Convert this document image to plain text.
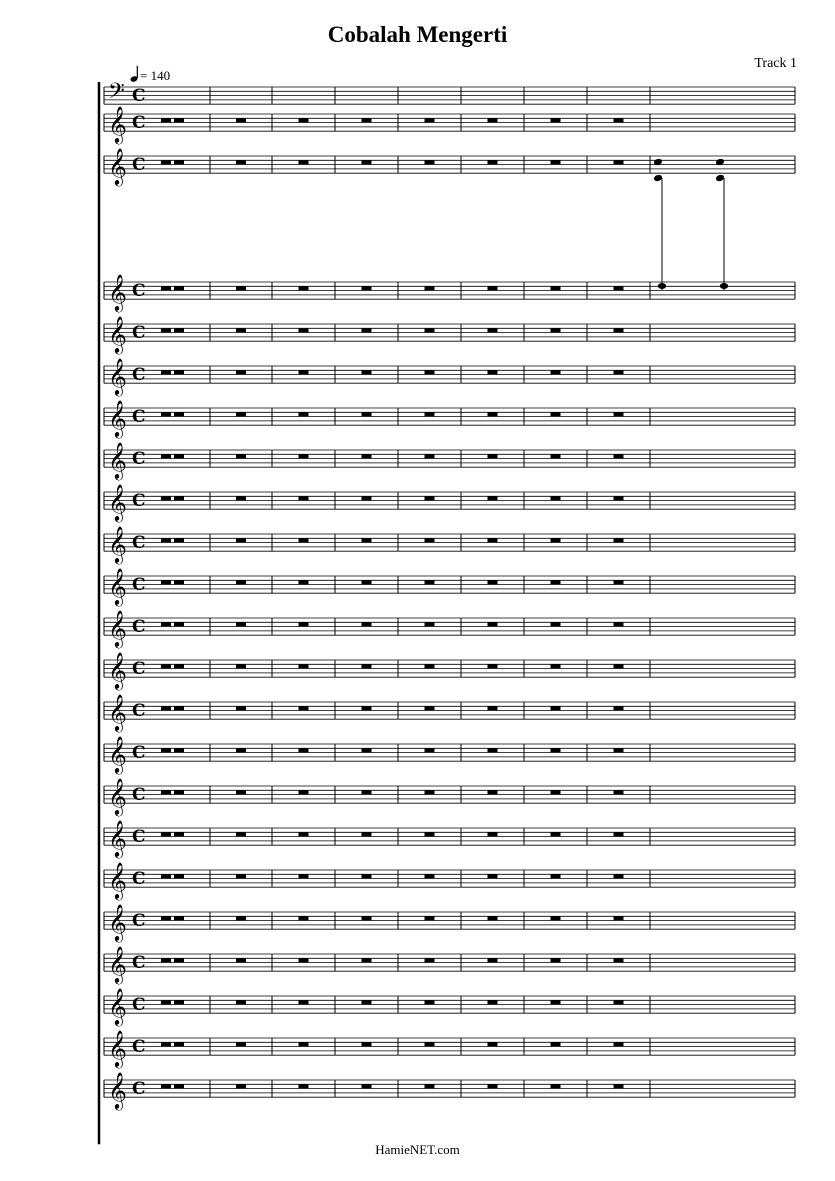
Cobalah Mengerti
Track 1
= 140
HamieNET.com
𝄢 C
𝄞 C
𝄞 C
𝄞 C
𝄞 C
𝄞 C
𝄞 C
𝄞 C
𝄞 C
𝄞 C
𝄞 C
𝄞 C
𝄞 C
𝄞 C
𝄞 C
𝄞 C
𝄞 C
𝄞 C
𝄞 C
𝄞 C
𝄞 C
𝄞 C
𝄞 C
